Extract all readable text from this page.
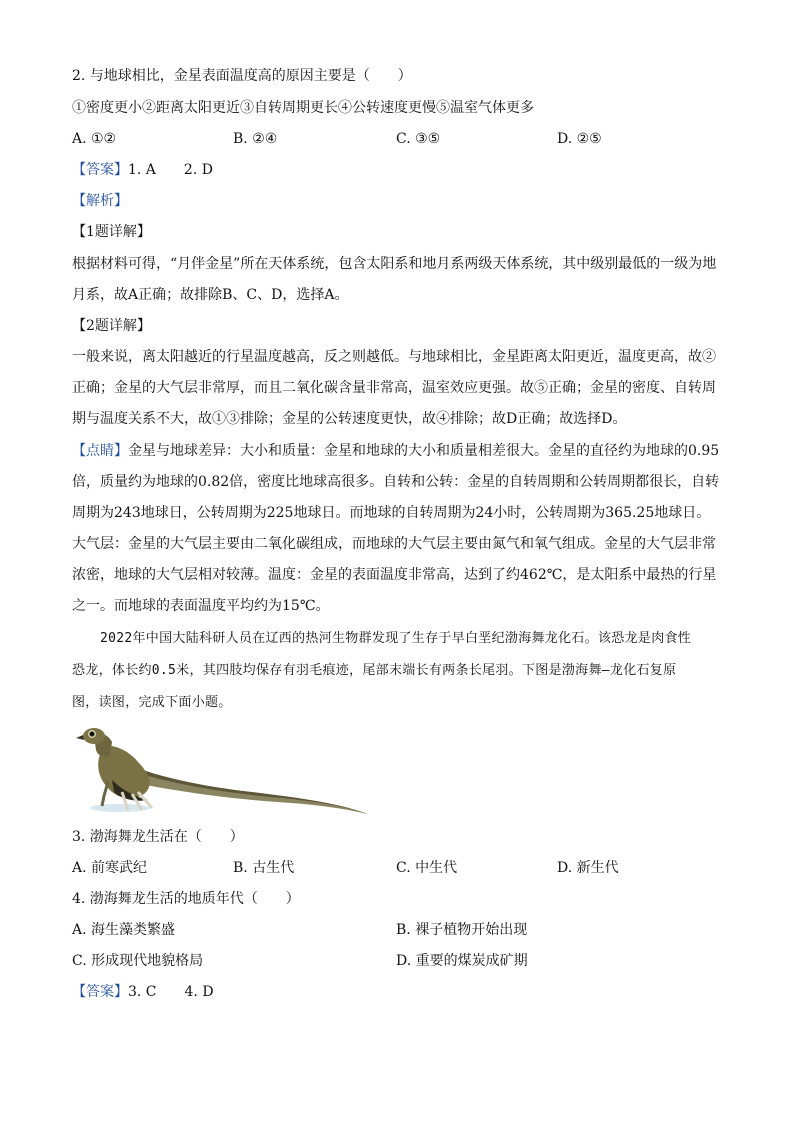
2. 与地球相比，金星表面温度高的原因主要是（　　）
①密度更小②距离太阳更近③自转周期更长④公转速度更慢⑤温室气体更多
A. ①②	B. ②④	C. ③⑤	D. ②⑤
【答案】1. A　　2. D
【解析】
【1题详解】

根据材料可得，“月伴金星”所在天体系统，包含太阳系和地月系两级天体系统，其中级别最低的一级为地

月系，故A正确；故排除B、C、D，选择A。

【2题详解】

一般来说，离太阳越近的行星温度越高，反之则越低。与地球相比，金星距离太阳更近，温度更高，故②

正确；金星的大气层非常厚，而且二氧化碳含量非常高，温室效应更强。故⑤正确；金星的密度、自转周

期与温度关系不大，故①③排除；金星的公转速度更快，故④排除；故D正确；故选择D。

【点睛】金星与地球差异：大小和质量：金星和地球的大小和质量相差很大。金星的直径约为地球的0.95

倍，质量约为地球的0.82倍，密度比地球高很多。自转和公转：金星的自转周期和公转周期都很长，自转

周期为243地球日，公转周期为225地球日。而地球的自转周期为24小时，公转周期为365.25地球日。

大气层：金星的大气层主要由二氧化碳组成，而地球的大气层主要由氮气和氧气组成。金星的大气层非常

浓密，地球的大气层相对较薄。温度：金星的表面温度非常高，达到了约462℃，是太阳系中最热的行星

之一。而地球的表面温度平均约为15℃。

2022年中国大陆科研人员在辽西的热河生物群发现了生存于早白垩纪渤海舞龙化石。该恐龙是肉食性

恐龙，体长约0.5米，其四肢均保存有羽毛痕迹，尾部末端长有两条长尾羽。下图是渤海舞—龙化石复原

图，读图，完成下面小题。

3. 渤海舞龙生活在（　　）
A. 前寒武纪	B. 古生代	C. 中生代	D. 新生代
4. 渤海舞龙生活的地质年代（　　）
A. 海生藻类繁盛	B. 裸子植物开始出现
C. 形成现代地貌格局	D. 重要的煤炭成矿期
【答案】3. C　　4. D
